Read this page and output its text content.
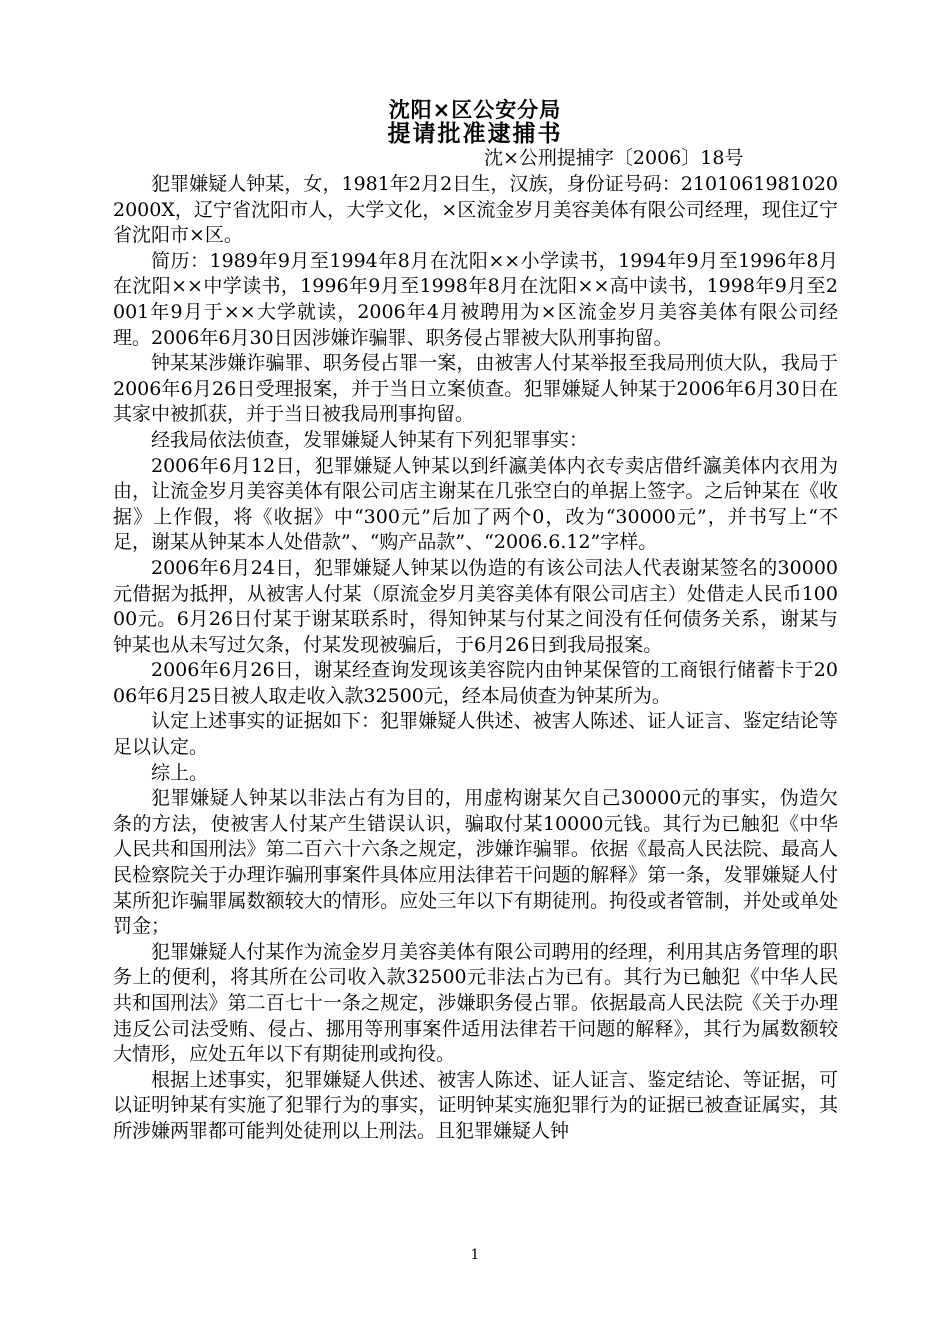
沈阳×区公安分局
提请批准逮捕书
沈×公刑提捕字〔2006〕18号

犯罪嫌疑人钟某，女，1981年2月2日生，汉族，身份证号码：21010619810202000X，辽宁省沈阳市人，大学文化，×区流金岁月美容美体有限公司经理，现住辽宁省沈阳市×区。

简历：1989年9月至1994年8月在沈阳××小学读书，1994年9月至1996年8月在沈阳××中学读书，1996年9月至1998年8月在沈阳××高中读书，1998年9月至2001年9月于××大学就读，2006年4月被聘用为×区流金岁月美容美体有限公司经理。2006年6月30日因涉嫌诈骗罪、职务侵占罪被大队刑事拘留。

钟某某涉嫌诈骗罪、职务侵占罪一案，由被害人付某举报至我局刑侦大队，我局于2006年6月26日受理报案，并于当日立案侦查。犯罪嫌疑人钟某于2006年6月30日在其家中被抓获，并于当日被我局刑事拘留。

经我局依法侦查，发罪嫌疑人钟某有下列犯罪事实：

2006年6月12日，犯罪嫌疑人钟某以到纤瀛美体内衣专卖店借纤瀛美体内衣用为由，让流金岁月美容美体有限公司店主谢某在几张空白的单据上签字。之后钟某在《收据》上作假，将《收据》中“300元”后加了两个0，改为“30000元”，并书写上“不足，谢某从钟某本人处借款”、“购产品款”、“2006.6.12”字样。

2006年6月24日，犯罪嫌疑人钟某以伪造的有该公司法人代表谢某签名的30000元借据为抵押，从被害人付某（原流金岁月美容美体有限公司店主）处借走人民币10000元。6月26日付某于谢某联系时，得知钟某与付某之间没有任何债务关系，谢某与钟某也从未写过欠条，付某发现被骗后，于6月26日到我局报案。

2006年6月26日，谢某经查询发现该美容院内由钟某保管的工商银行储蓄卡于2006年6月25日被人取走收入款32500元，经本局侦查为钟某所为。

认定上述事实的证据如下：犯罪嫌疑人供述、被害人陈述、证人证言、鉴定结论等足以认定。

综上。

犯罪嫌疑人钟某以非法占有为目的，用虚构谢某欠自己30000元的事实，伪造欠条的方法，使被害人付某产生错误认识，骗取付某10000元钱。其行为已触犯《中华人民共和国刑法》第二百六十六条之规定，涉嫌诈骗罪。依据《最高人民法院、最高人民检察院关于办理诈骗刑事案件具体应用法律若干问题的解释》第一条，发罪嫌疑人付某所犯诈骗罪属数额较大的情形。应处三年以下有期徒刑。拘役或者管制，并处或单处罚金；

犯罪嫌疑人付某作为流金岁月美容美体有限公司聘用的经理，利用其店务管理的职务上的便利，将其所在公司收入款32500元非法占为已有。其行为已触犯《中华人民共和国刑法》第二百七十一条之规定，涉嫌职务侵占罪。依据最高人民法院《关于办理违反公司法受贿、侵占、挪用等刑事案件适用法律若干问题的解释》，其行为属数额较大情形，应处五年以下有期徒刑或拘役。

根据上述事实，犯罪嫌疑人供述、被害人陈述、证人证言、鉴定结论、等证据，可以证明钟某有实施了犯罪行为的事实，证明钟某实施犯罪行为的证据已被查证属实，其所涉嫌两罪都可能判处徒刑以上刑法。且犯罪嫌疑人钟

1
